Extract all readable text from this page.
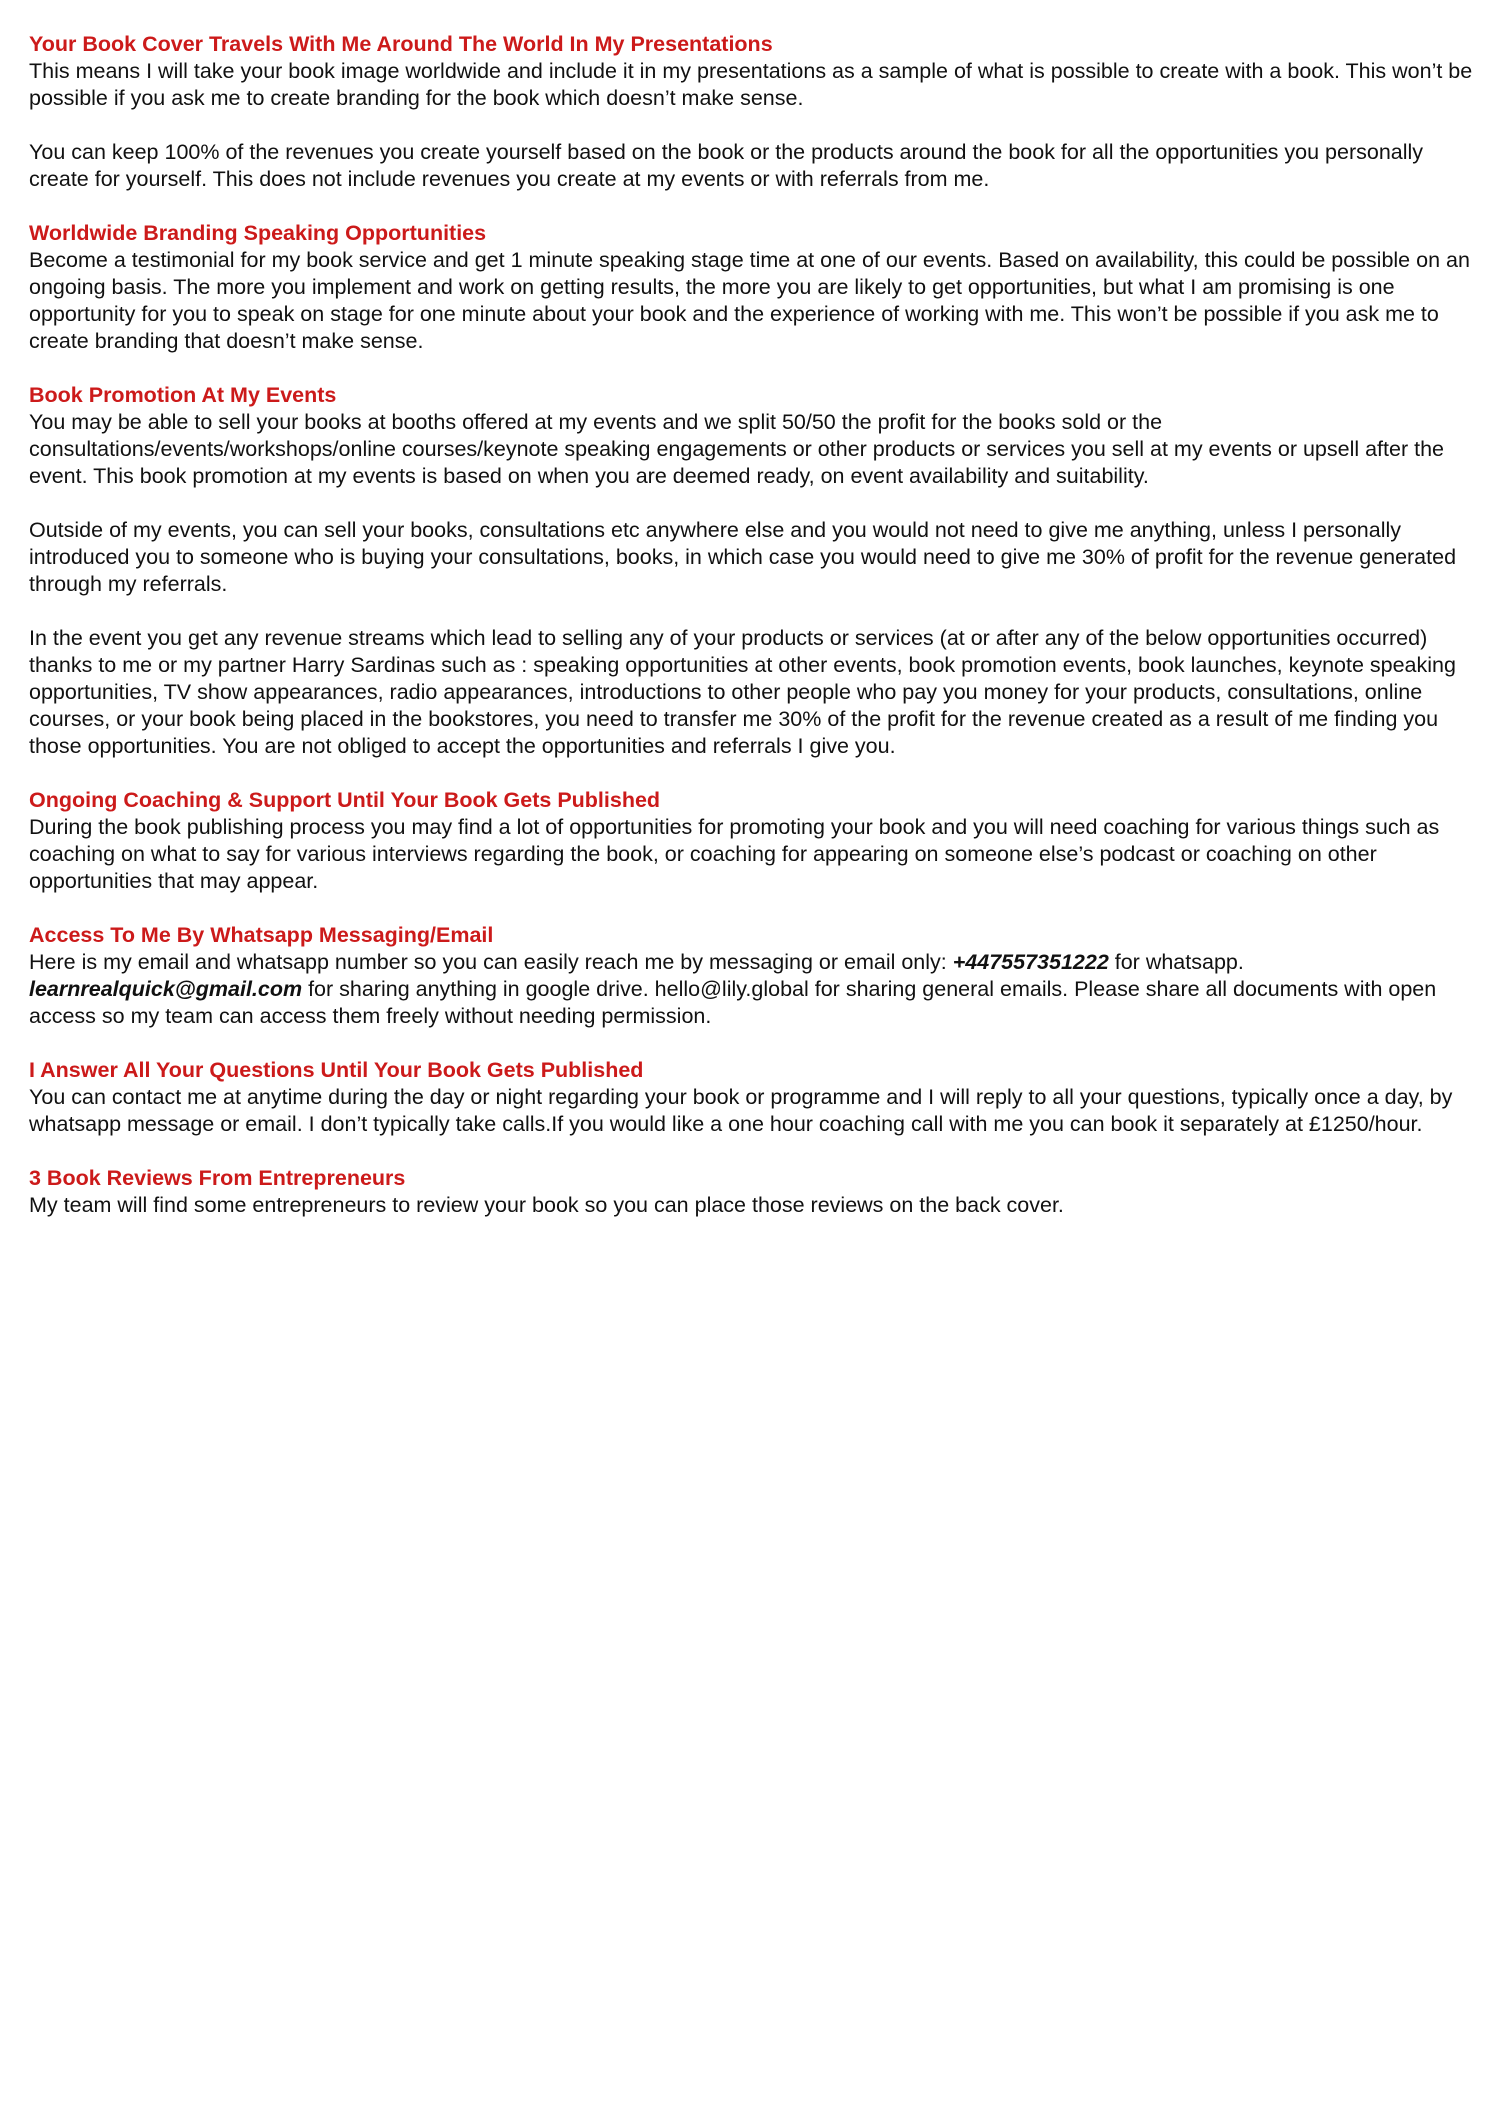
Your Book Cover Travels With Me Around The World In My Presentations

This means I will take your book image worldwide and include it in my presentations as a sample of what is possible to create with a book. This won’t be possible if you ask me to create branding for the book which doesn’t make sense.

You can keep 100% of the revenues you create yourself based on the book or the products around the book for all the opportunities you personally create for yourself. This does not include revenues you create at my events or with referrals from me.

Worldwide Branding Speaking Opportunities

Become a testimonial for my book service and get 1 minute speaking stage time at one of our events. Based on availability, this could be possible on an ongoing basis. The more you implement and work on getting results, the more you are likely to get opportunities, but what I am promising is one opportunity for you to speak on stage for one minute about your book and the experience of working with me. This won’t be possible if you ask me to create branding that doesn’t make sense.

Book Promotion At My Events

You may be able to sell your books at booths offered at my events and we split 50/50 the profit for the books sold or the consultations/events/workshops/online courses/keynote speaking engagements or other products or services you sell at my events or upsell after the event. This book promotion at my events is based on when you are deemed ready, on event availability and suitability.

Outside of my events, you can sell your books, consultations etc anywhere else and you would not need to give me anything, unless I personally introduced you to someone who is buying your consultations, books, in which case you would need to give me 30% of profit for the revenue generated through my referrals.

In the event you get any revenue streams which lead to selling any of your products or services (at or after any of the below opportunities occurred) thanks to me or my partner Harry Sardinas such as : speaking opportunities at other events, book promotion events, book launches, keynote speaking opportunities, TV show appearances, radio appearances, introductions to other people who pay you money for your products, consultations, online courses, or your book being placed in the bookstores, you need to transfer me 30% of the profit for the revenue created as a result of me finding you those opportunities. You are not obliged to accept the opportunities and referrals I give you.

Ongoing Coaching & Support Until Your Book Gets Published

During the book publishing process you may find a lot of opportunities for promoting your book and you will need coaching for various things such as coaching on what to say for various interviews regarding the book, or coaching for appearing on someone else’s podcast or coaching on other opportunities that may appear.

Access To Me By Whatsapp Messaging/Email

Here is my email and whatsapp number so you can easily reach me by messaging or email only: +447557351222 for whatsapp. learnrealquick@gmail.com for sharing anything in google drive. hello@lily.global for sharing general emails. Please share all documents with open access so my team can access them freely without needing permission.

I Answer All Your Questions Until Your Book Gets Published

You can contact me at anytime during the day or night regarding your book or programme and I will reply to all your questions, typically once a day, by whatsapp message or email. I don’t typically take calls.If you would like a one hour coaching call with me you can book it separately at £1250/hour.

3 Book Reviews From Entrepreneurs

My team will find some entrepreneurs to review your book so you can place those reviews on the back cover.
